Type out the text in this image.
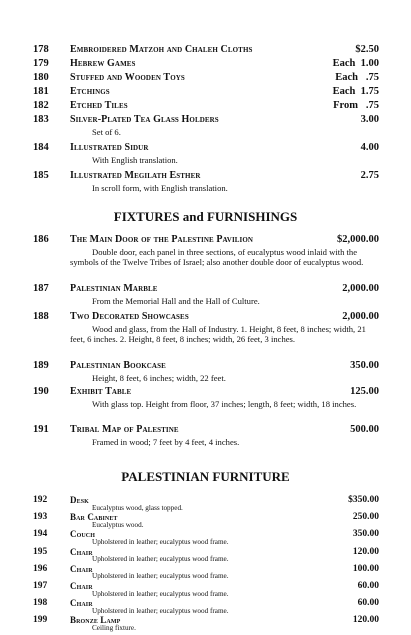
178 Embroidered Matzoh and Chaleh Cloths	$2.50
179 Hebrew Games	Each  1.00
180 Stuffed and Wooden Toys	Each   .75
181 Etchings	Each  1.75
182 Etched Tiles	From   .75
183 Silver-Plated Tea Glass Holders	3.00
Set of 6.
184 Illustrated Sidur	4.00
With English translation.
185 Illustrated Megilath Esther	2.75
In scroll form, with English translation.
FIXTURES and FURNISHINGS
186 The Main Door of the Palestine Pavilion	$2,000.00
Double door, each panel in three sections, of eucalyptus wood inlaid with the symbols of the Twelve Tribes of Israel; also another double door of eucalyptus wood.
187 Palestinian Marble	2,000.00
From the Memorial Hall and the Hall of Culture.
188 Two Decorated Showcases	2,000.00
Wood and glass, from the Hall of Industry. 1. Height, 8 feet, 8 inches; width, 21 feet, 6 inches. 2. Height, 8 feet, 8 inches; width, 26 feet, 3 inches.
189 Palestinian Bookcase	350.00
Height, 8 feet, 6 inches; width, 22 feet.
190 Exhibit Table	125.00
With glass top. Height from floor, 37 inches; length, 8 feet; width, 18 inches.
191 Tribal Map of Palestine	500.00
Framed in wood; 7 feet by 4 feet, 4 inches.
PALESTINIAN FURNITURE
192	Desk	$350.00
Eucalyptus wood, glass topped.
193	Bar Cabinet	250.00
Eucalyptus wood.
194	Couch	350.00
Upholstered in leather; eucalyptus wood frame.
195	Chair	120.00
Upholstered in leather; eucalyptus wood frame.
196	Chair	100.00
Upholstered in leather; eucalyptus wood frame.
197	Chair	60.00
Upholstered in leather; eucalyptus wood frame.
198	Chair	60.00
Upholstered in leather; eucalyptus wood frame.
199	Bronze Lamp	120.00
Ceiling fixture.
